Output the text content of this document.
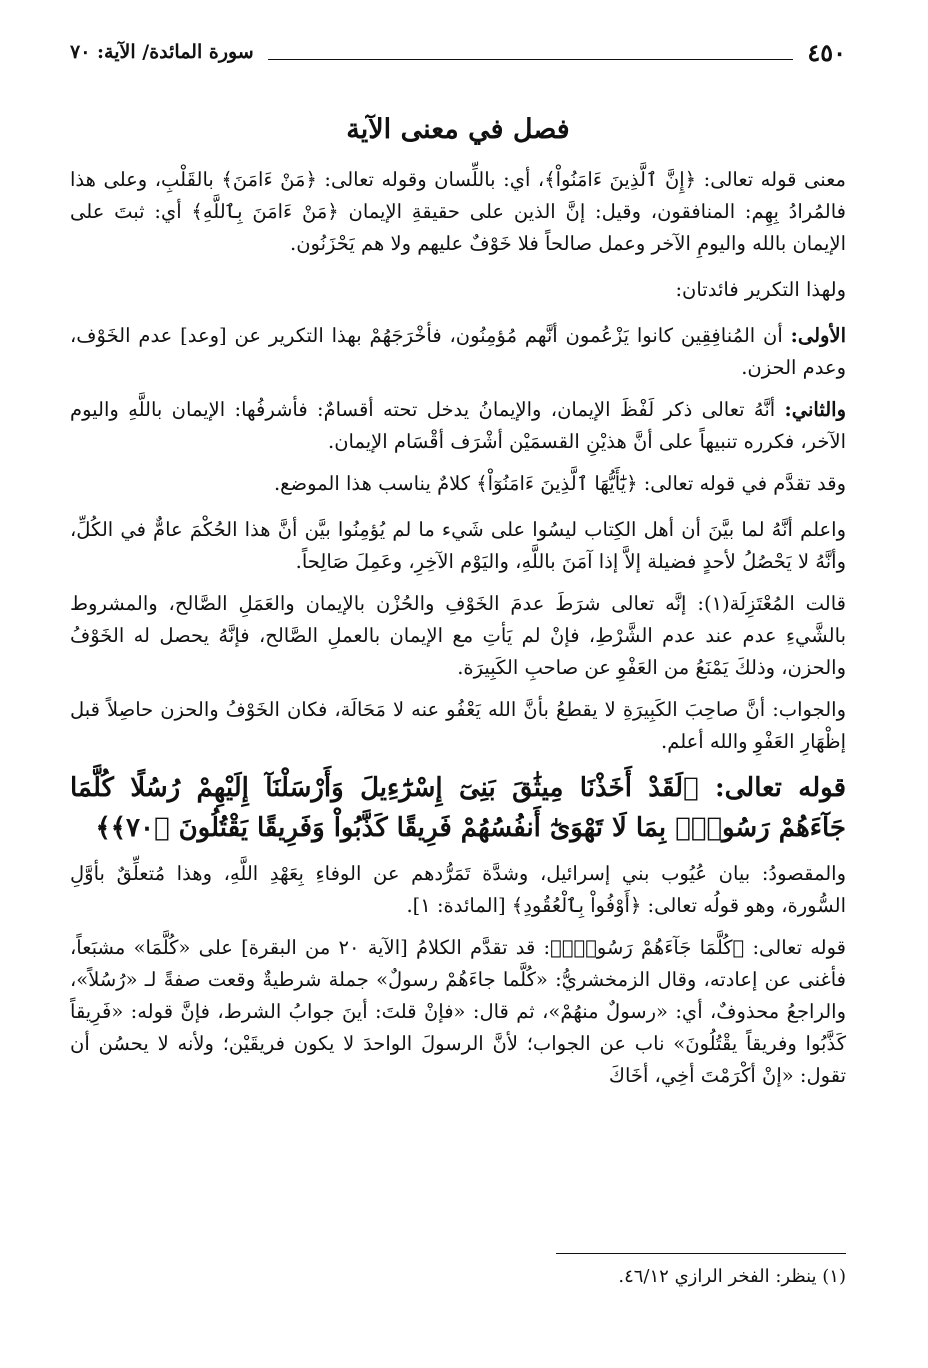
٤٥٠
سورة المائدة/ الآية: ٧٠
فصل في معنى الآية

معنى قوله تعالى: ﴿إِنَّ ٱلَّذِينَ ءَامَنُواْ﴾، أي: باللِّسان وقوله تعالى: ﴿مَنْ ءَامَنَ﴾ بالقَلْبِ، وعلى هذا فالمُرادُ بِهِم: المنافقون، وقيل: إنَّ الذين على حقيقةِ الإيمان ﴿مَنْ ءَامَنَ بِٱللَّهِ﴾ أي: ثبتَ على الإيمان بالله واليومِ الآخر وعمل صالحاً فلا خَوْفٌ عليهم ولا هم يَحْزَنُون.

ولهذا التكرير فائدتان:

الأولى: أن المُنافِقِين كانوا يَزْعُمون أنَّهم مُؤمِنُون، فأخْرَجَهُمْ بهذا التكرير عن [وعد] عدم الخَوْف، وعدم الحزن.

والثاني: أنَّهُ تعالى ذكر لَفْظَ الإيمان، والإيمانُ يدخل تحته أقسامٌ: فأشرفُها: الإيمان باللَّهِ واليوم الآخر، فكرره تنبيهاً على أنَّ هذيْنِ القسمَيْن أشْرَف أقْسَام الإيمان.

وقد تقدَّم في قوله تعالى: ﴿يَٰٓأَيُّهَا ٱلَّذِينَ ءَامَنُوٓاْ﴾ كلامٌ يناسب هذا الموضع.

واعلم أنَّهُ لما بيَّنَ أن أهل الكِتاب ليسُوا على شَيء ما لم يُؤمِنُوا بيَّن أنَّ هذا الحُكْمَ عامٌّ في الكُلِّ، وأنَّهُ لا يَحْصُلُ لأحدٍ فضيلة إلاَّ إذا آمَنَ باللَّهِ، واليَوْم الآخِرِ، وعَمِلَ صَالِحاً.

قالت المُعْتَزِلَة(١): إنَّه تعالى شرَطَ عدمَ الخَوْفِ والحُزْن بالإيمان والعَمَلِ الصَّالح، والمشروط بالشَّيءِ عدم عند عدم الشَّرْطِ، فإنْ لم يَأتِ مع الإيمان بالعملِ الصَّالح، فإنَّهُ يحصل له الخَوْفُ والحزن، وذلكَ يَمْنَعُ من العَفْوِ عن صاحبِ الكَبِيرَة.

والجواب: أنَّ صاحِبَ الكَبِيرَةِ لا يقطعُ بأنَّ الله يَعْفُو عنه لا مَحَالَة، فكان الخَوْفُ والحزن حاصِلاً قبل إظْهَارِ العَفْوِ والله أعلم.

قوله تعالى: ﴿لَقَدْ أَخَذْنَا مِيثَٰقَ بَنِىٓ إِسْرَٰٓءِيلَ وَأَرْسَلْنَآ إِلَيْهِمْ رُسُلًا كُلَّمَا جَآءَهُمْ رَسُولٌۢ بِمَا لَا تَهْوَىٰٓ أَنفُسُهُمْ فَرِيقًا كَذَّبُواْ وَفَرِيقًا يَقْتُلُونَ ﴿٧٠﴾﴾

والمقصودُ: بيان عُيُوب بني إسرائيل، وشدَّة تَمَرُّدهم عن الوفاءِ بِعَهْدِ اللَّهِ، وهذا مُتعلِّقٌ بأوَّلِ السُّورة، وهو قولُه تعالى: ﴿أَوْفُواْ بِٱلْعُقُودِ﴾ [المائدة: ١].

قوله تعالى: ﴿كُلَّمَا جَآءَهُمْ رَسُولٌۢ﴾: قد تقدَّم الكلامُ [الآية ٢٠ من البقرة] على «كُلَّمَا» مشبَعاً، فأغنى عن إعادته، وقال الزمخشريُّ: «كُلَّما جاءَهُمْ رسولٌ» جملة شرطيةٌ وقعت صفةً لـ «رُسُلاً»، والراجعُ محذوفٌ، أي: «رسولٌ منهُمْ»، ثم قال: «فإنْ قلتَ: أينَ جوابُ الشرط، فإنَّ قوله: «فَرِيقاً كَذَّبُوا وفريقاً يقْتُلُونَ» ناب عن الجواب؛ لأنَّ الرسولَ الواحدَ لا يكون فريقَيْن؛ ولأنه لا يحسُن أن تقول: «إنْ أكْرَمْتَ أخِي، أخَاكَ

(١) ينظر: الفخر الرازي ٤٦/١٢.
